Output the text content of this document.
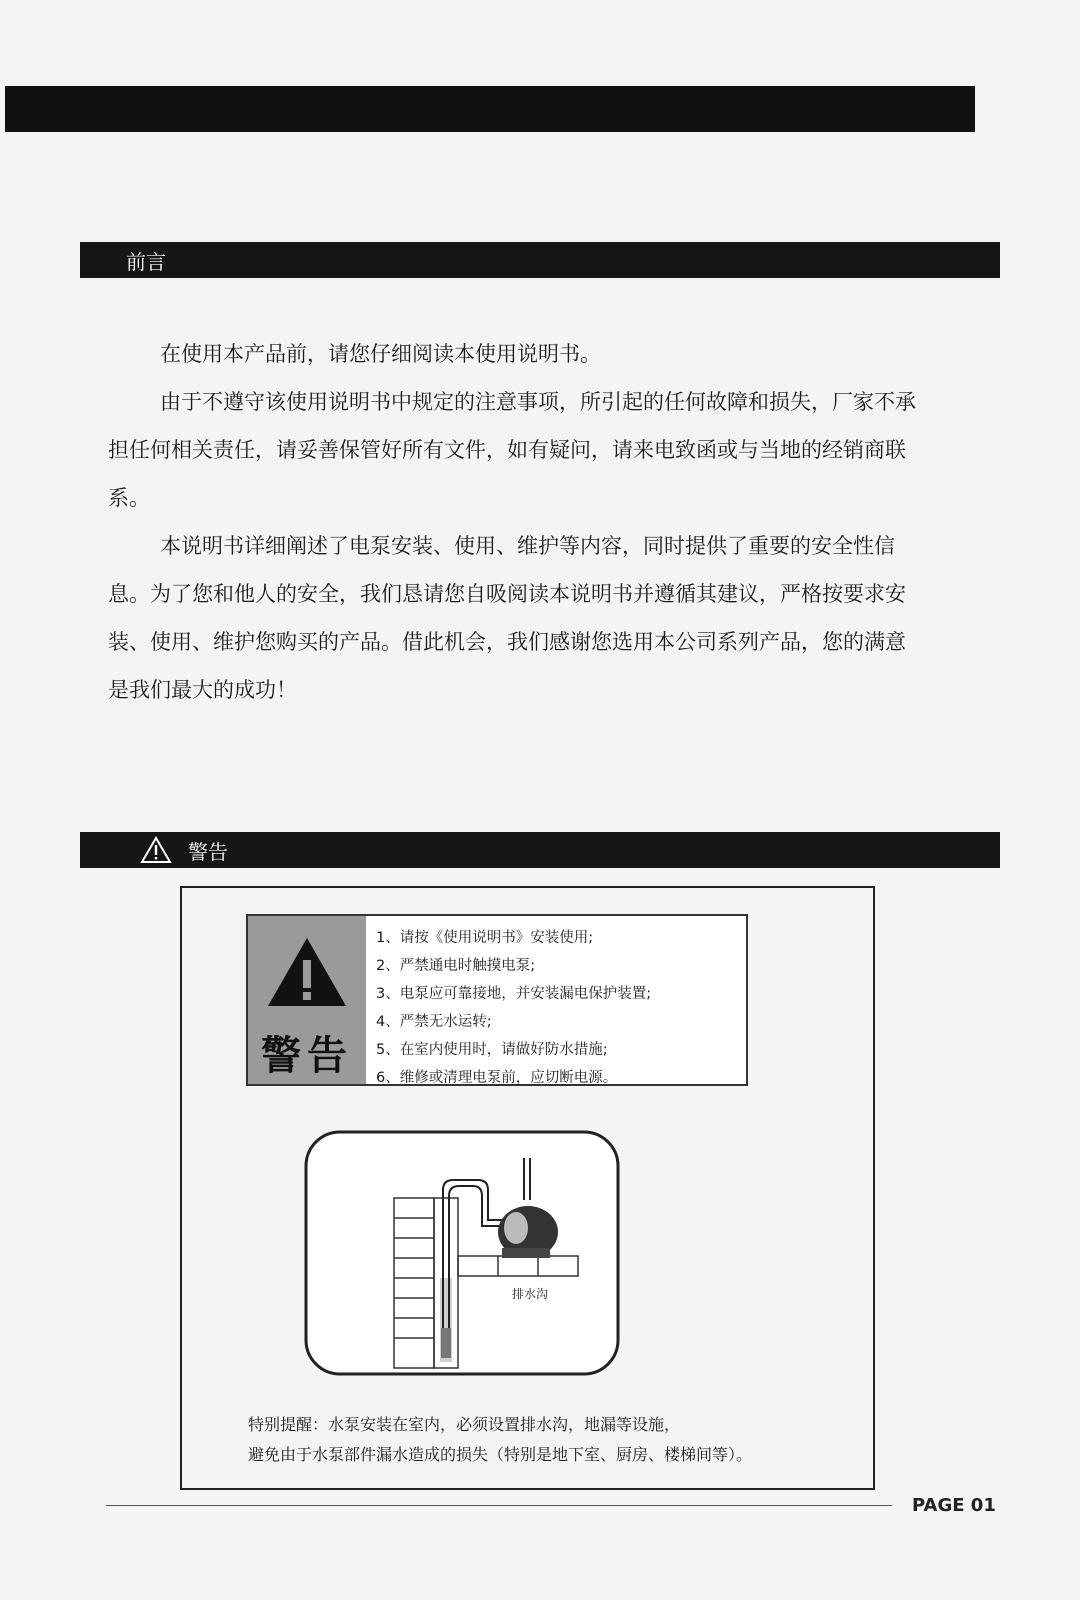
前言

在使用本产品前，请您仔细阅读本使用说明书。

由于不遵守该使用说明书中规定的注意事项，所引起的任何故障和损失，厂家不承担任何相关责任，请妥善保管好所有文件，如有疑问，请来电致函或与当地的经销商联系。

本说明书详细阐述了电泵安装、使用、维护等内容，同时提供了重要的安全性信息。为了您和他人的安全，我们恳请您自吸阅读本说明书并遵循其建议，严格按要求安装、使用、维护您购买的产品。借此机会，我们感谢您选用本公司系列产品，您的满意是我们最大的成功！

警告
警告
1、请按《使用说明书》安装使用;
2、严禁通电时触摸电泵;
3、电泵应可靠接地，并安装漏电保护装置;
4、严禁无水运转;
5、在室内使用时，请做好防水措施;
6、维修或清理电泵前，应切断电源。
排水沟

特别提醒：水泵安装在室内，必须设置排水沟，地漏等设施，
避免由于水泵部件漏水造成的损失（特别是地下室、厨房、楼梯间等）。

PAGE 01
